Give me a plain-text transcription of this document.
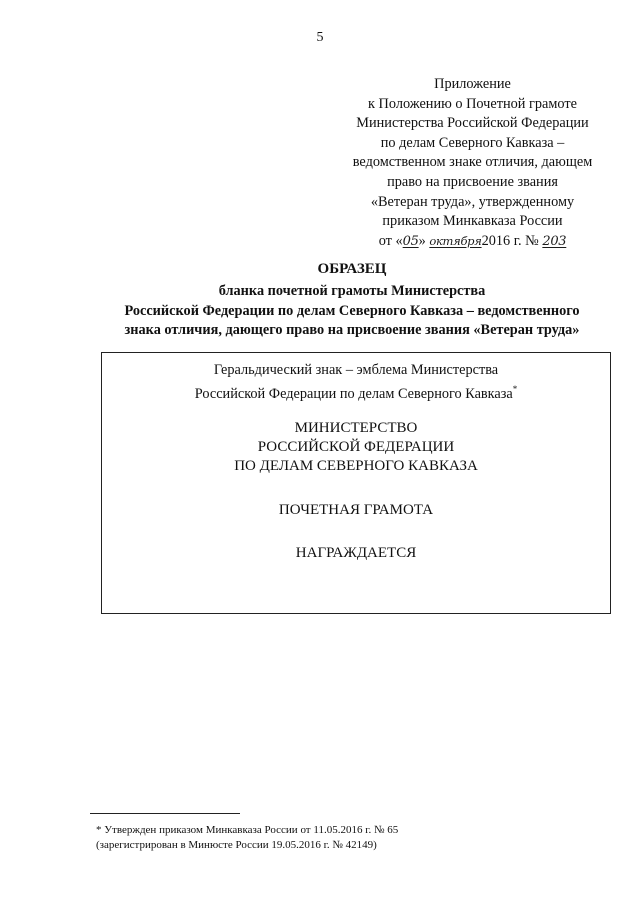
5
Приложение
к Положению о Почетной грамоте
Министерства Российской Федерации
по делам Северного Кавказа –
ведомственном знаке отличия, дающем
право на присвоение звания
«Ветеран труда», утвержденному
приказом Минкавказа России
от «05» октября2016 г. № 203
ОБРАЗЕЦ
бланка почетной грамоты Министерства
Российской Федерации по делам Северного Кавказа – ведомственного
знака отличия, дающего право на присвоение звания «Ветеран труда»
Геральдический знак – эмблема Министерства
Российской Федерации по делам Северного Кавказа*
МИНИСТЕРСТВО
РОССИЙСКОЙ ФЕДЕРАЦИИ
ПО ДЕЛАМ СЕВЕРНОГО КАВКАЗА
ПОЧЕТНАЯ ГРАМОТА
НАГРАЖДАЕТСЯ
* Утвержден приказом Минкавказа России от 11.05.2016 г. № 65
(зарегистрирован в Минюсте России 19.05.2016 г. № 42149)
